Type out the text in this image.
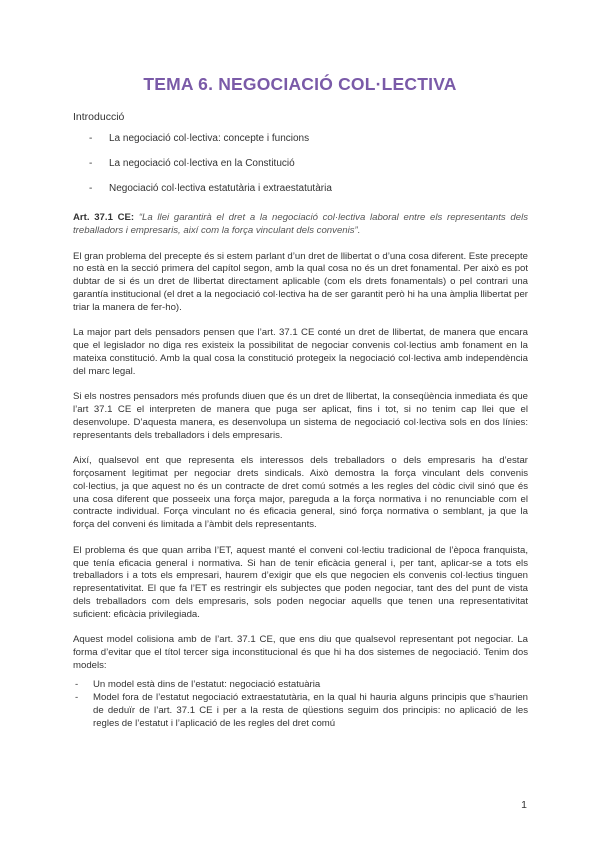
TEMA 6. NEGOCIACIÓ COL·LECTIVA
Introducció
- La negociació col·lectiva: concepte i funcions
- La negociació col·lectiva en la Constitució
- Negociació col·lectiva estatutària i extraestatutària

Art. 37.1 CE: “La llei garantirà el dret a la negociació col·lectiva laboral entre els representants dels treballadors i empresaris, així com la força vinculant dels convenis”.

El gran problema del precepte és si estem parlant d’un dret de llibertat o d’una cosa diferent. Este precepte no està en la secció primera del capítol segon, amb la qual cosa no és un dret fonamental. Per això es pot dubtar de si és un dret de llibertat directament aplicable (com els drets fonamentals) o pel contrari una garantía institucional (el dret a la negociació col·lectiva ha de ser garantit però hi ha una àmplia llibertat per triar la manera de fer-ho).

La major part dels pensadors pensen que l’art. 37.1 CE conté un dret de llibertat, de manera que encara que el legislador no diga res existeix la possibilitat de negociar convenis col·lectius amb fonament en la mateixa constitució. Amb la qual cosa la constitució protegeix la negociació col·lectiva amb independència del marc legal.

Si els nostres pensadors més profunds diuen que és un dret de llibertat, la conseqüència inmediata és que l’art 37.1 CE el interpreten de manera que puga ser aplicat, fins i tot, si no tenim cap llei que el desenvolupe. D’aquesta manera, es desenvolupa un sistema de negociació col·lectiva sols en dos línies: representants dels treballadors i dels empresaris.

Així, qualsevol ent que representa els interessos dels treballadors o dels empresaris ha d’estar forçosament legitimat per negociar drets sindicals. Això demostra la força vinculant dels convenis col·lectius, ja que aquest no és un contracte de dret comú sotmés a les regles del còdic civil sinó que és una cosa diferent que posseeix una força major, pareguda a la força normativa i no renunciable com el contracte individual. Força vinculant no és eficacia general, sinó força normativa o semblant, ja que la força del conveni és limitada a l’àmbit dels representants.

El problema és que quan arriba l’ET, aquest manté el conveni col·lectiu tradicional de l’època franquista, que tenía eficacia general i normativa. Si han de tenir eficàcia general i, per tant, aplicar-se a tots els treballadors i a tots els empresari, haurem d’exigir que els que negocien els convenis col·lectius tinguen representativitat. El que fa l’ET es restringir els subjectes que poden negociar, tant des del punt de vista dels treballadors com dels empresaris, sols poden negociar aquells que tenen una representativitat suficient: eficàcia privilegiada.

Aquest model colisiona amb de l’art. 37.1 CE, que ens diu que qualsevol representant pot negociar. La forma d’evitar que el títol tercer siga inconstitucional és que hi ha dos sistemes de negociació. Tenim dos models:

- Un model està dins de l’estatut: negociació estatuària
- Model fora de l’estatut negociació extraestatutària, en la qual hi hauria alguns principis que s’haurien de deduïr de l’art. 37.1 CE i per a la resta de qüestions seguim dos principis: no aplicació de les regles de l’estatut i l’aplicació de les regles del dret comú
1
